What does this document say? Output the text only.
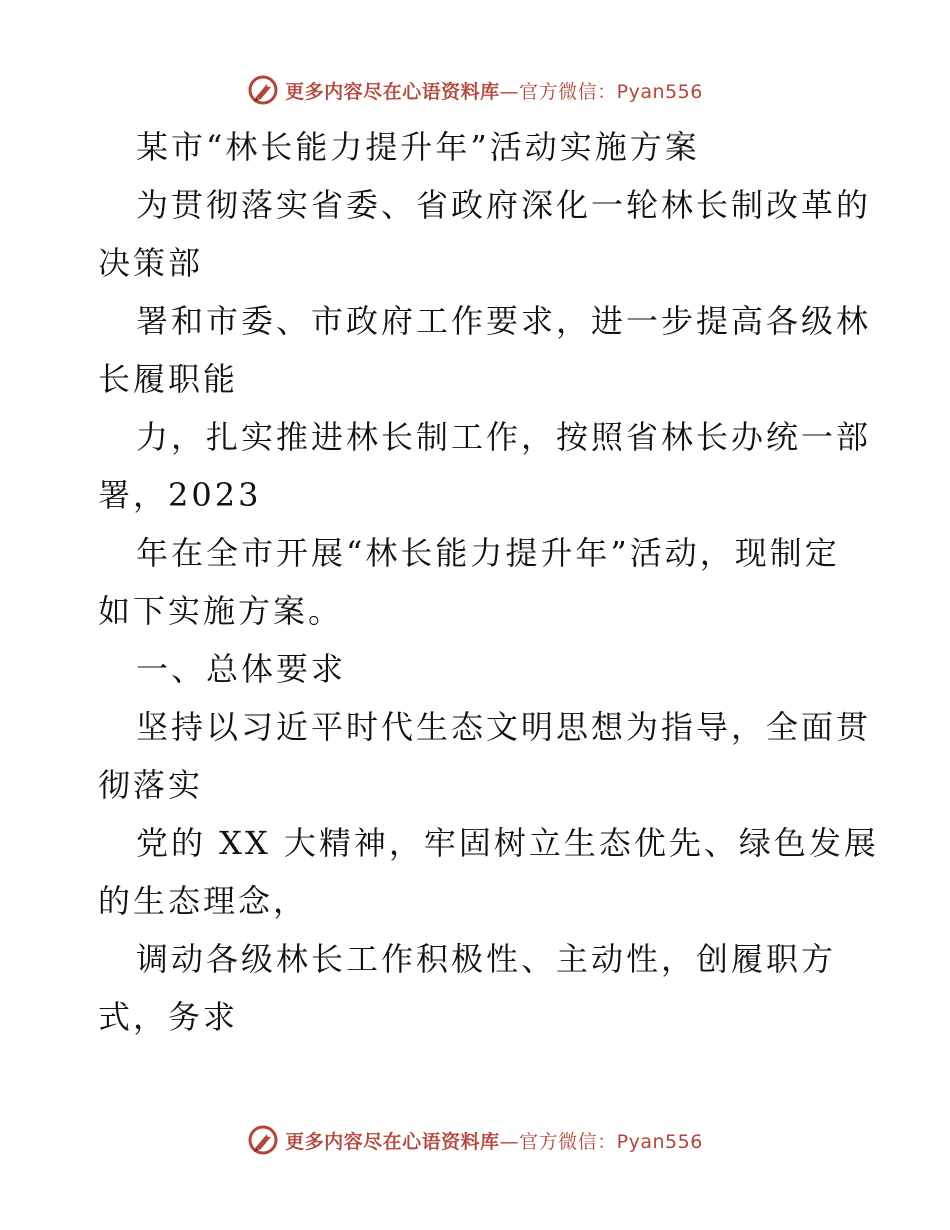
更多内容尽在心语资料库—官方微信：Pyan556
某市“林长能力提升年”活动实施方案
为贯彻落实省委、省政府深化一轮林长制改革的
决策部
署和市委、市政府工作要求，进一步提高各级林
长履职能
力，扎实推进林长制工作，按照省林长办统一部
署，2023
年在全市开展“林长能力提升年”活动，现制定
如下实施方案。
一、总体要求
坚持以习近平时代生态文明思想为指导，全面贯
彻落实
党的 XX 大精神，牢固树立生态优先、绿色发展
的生态理念，
调动各级林长工作积极性、主动性，创履职方
式，务求
更多内容尽在心语资料库—官方微信：Pyan556
